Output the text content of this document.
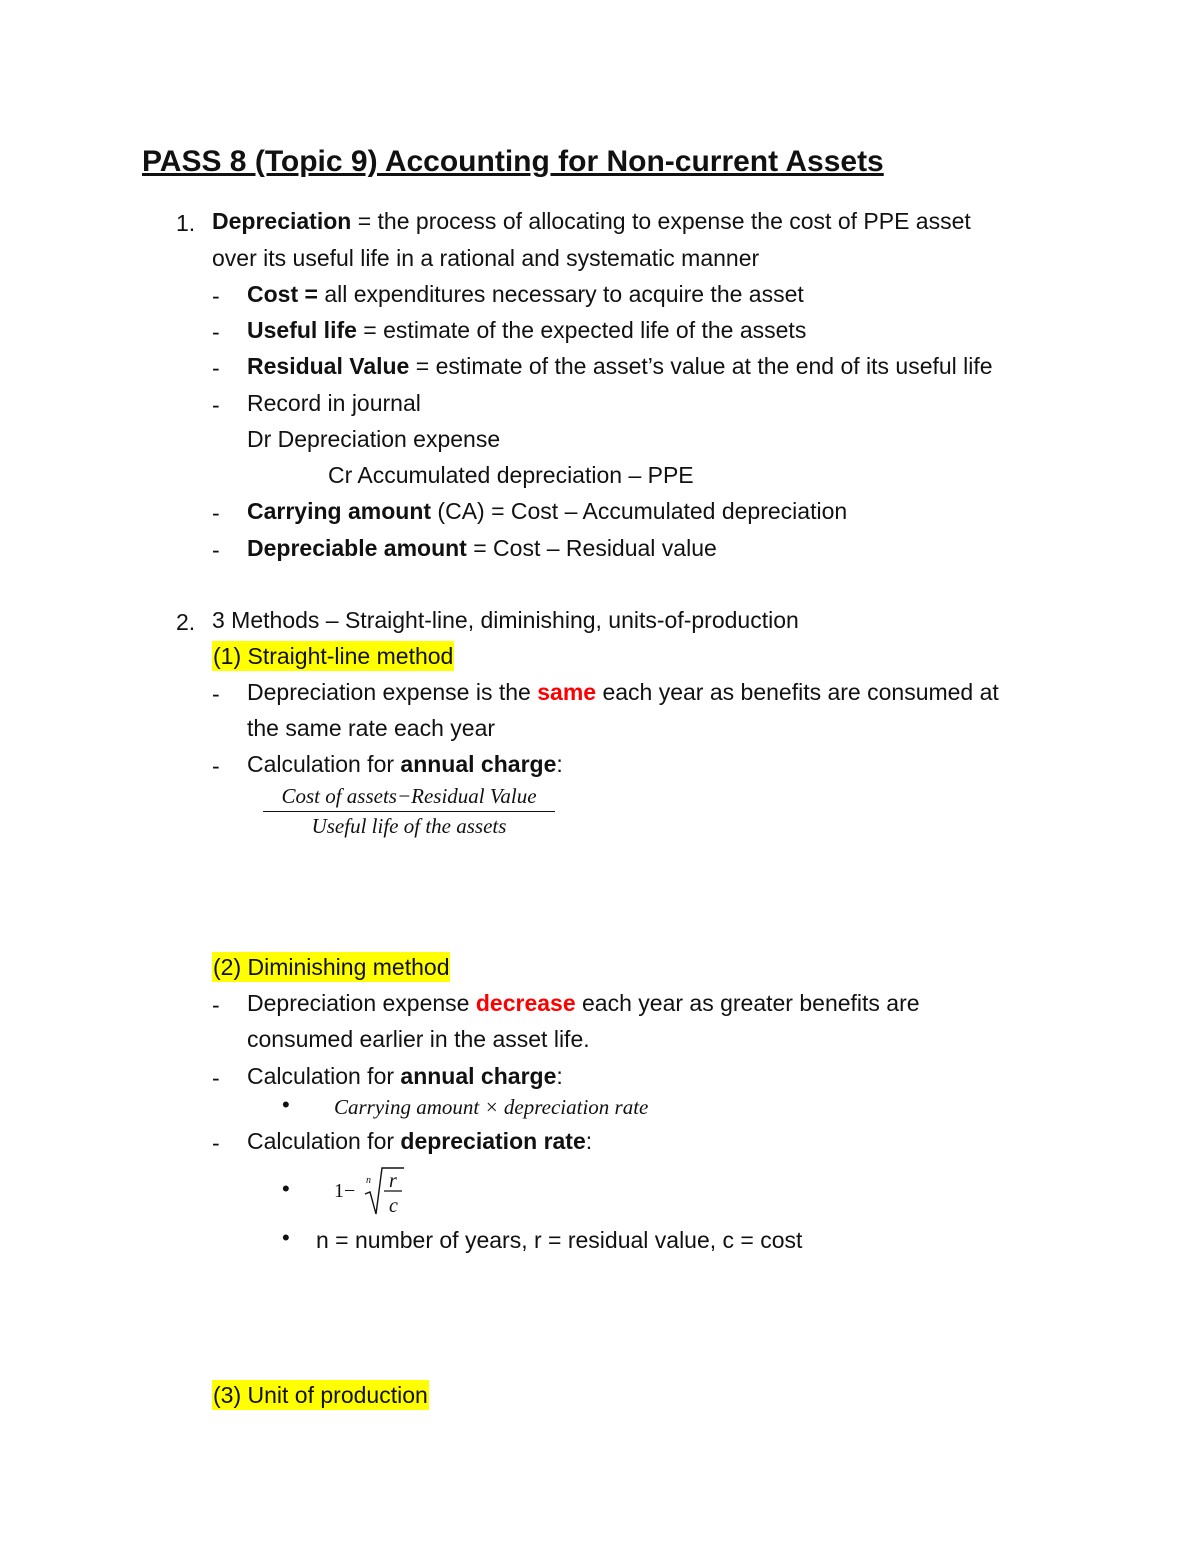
PASS 8 (Topic 9) Accounting for Non-current Assets
1. Depreciation = the process of allocating to expense the cost of PPE asset
over its useful life in a rational and systematic manner
- Cost = all expenditures necessary to acquire the asset
- Useful life = estimate of the expected life of the assets
- Residual Value = estimate of the asset’s value at the end of its useful life
- Record in journal
Dr Depreciation expense
Cr Accumulated depreciation – PPE
- Carrying amount (CA) = Cost – Accumulated depreciation
- Depreciable amount = Cost – Residual value
2. 3 Methods – Straight-line, diminishing, units-of-production
(1) Straight-line method
- Depreciation expense is the same each year as benefits are consumed at
the same rate each year
- Calculation for annual charge:
Cost of assets−Residual Value
Useful life of the assets
(2) Diminishing method
- Depreciation expense decrease each year as greater benefits are
consumed earlier in the asset life.
- Calculation for annual charge:
• Carrying amount × depreciation rate
- Calculation for depreciation rate:
• 1− n r
c
• n = number of years, r = residual value, c = cost
(3) Unit of production
